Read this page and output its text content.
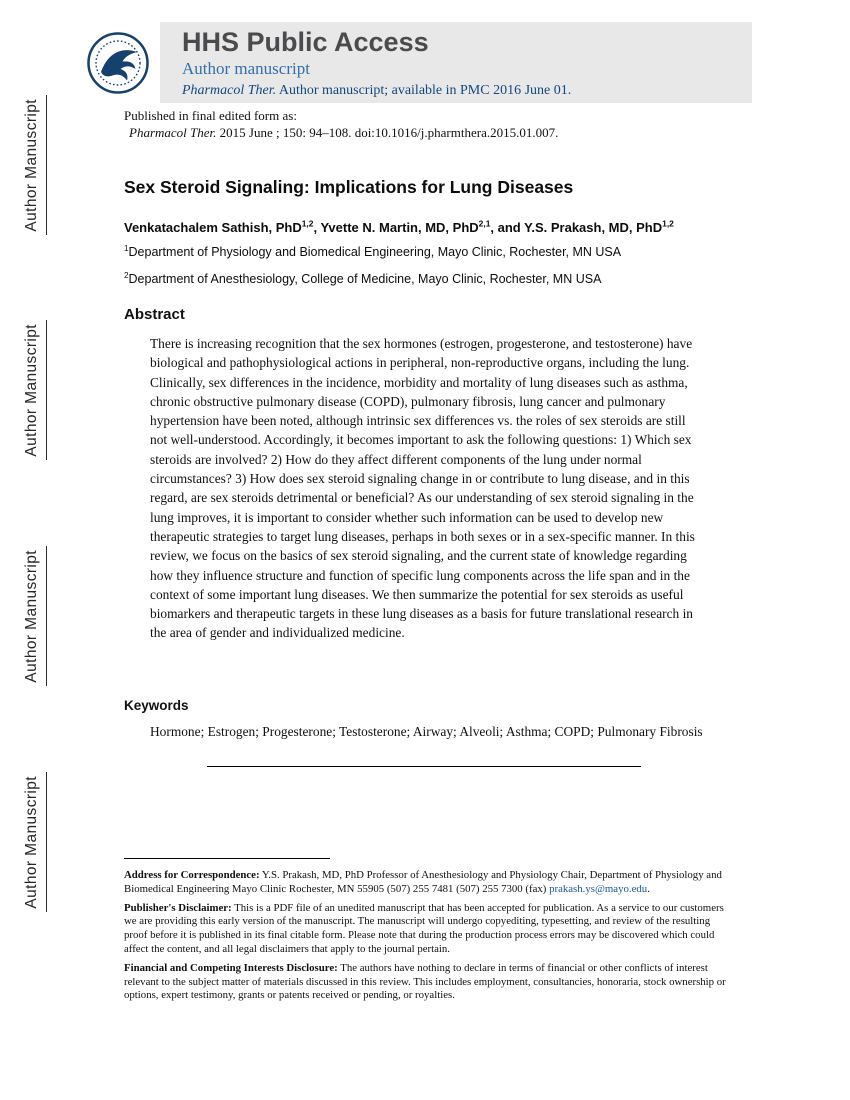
Author Manuscript
Author Manuscript
Author Manuscript
Author Manuscript
HHS Public Access
Author manuscript
Pharmacol Ther. Author manuscript; available in PMC 2016 June 01.
Published in final edited form as:
Pharmacol Ther. 2015 June ; 150: 94–108. doi:10.1016/j.pharmthera.2015.01.007.
Sex Steroid Signaling: Implications for Lung Diseases

Venkatachalem Sathish, PhD$^{1,2}$, Yvette N. Martin, MD, PhD$^{2,1}$, and Y.S. Prakash, MD, PhD$^{1,2}$

$^1$Department of Physiology and Biomedical Engineering, Mayo Clinic, Rochester, MN USA

$^2$Department of Anesthesiology, College of Medicine, Mayo Clinic, Rochester, MN USA

Abstract

There is increasing recognition that the sex hormones (estrogen, progesterone, and testosterone) have biological and pathophysiological actions in peripheral, non-reproductive organs, including the lung. Clinically, sex differences in the incidence, morbidity and mortality of lung diseases such as asthma, chronic obstructive pulmonary disease (COPD), pulmonary fibrosis, lung cancer and pulmonary hypertension have been noted, although intrinsic sex differences vs. the roles of sex steroids are still not well-understood. Accordingly, it becomes important to ask the following questions: 1) Which sex steroids are involved? 2) How do they affect different components of the lung under normal circumstances? 3) How does sex steroid signaling change in or contribute to lung disease, and in this regard, are sex steroids detrimental or beneficial? As our understanding of sex steroid signaling in the lung improves, it is important to consider whether such information can be used to develop new therapeutic strategies to target lung diseases, perhaps in both sexes or in a sex-specific manner. In this review, we focus on the basics of sex steroid signaling, and the current state of knowledge regarding how they influence structure and function of specific lung components across the life span and in the context of some important lung diseases. We then summarize the potential for sex steroids as useful biomarkers and therapeutic targets in these lung diseases as a basis for future translational research in the area of gender and individualized medicine.

Keywords

Hormone; Estrogen; Progesterone; Testosterone; Airway; Alveoli; Asthma; COPD; Pulmonary Fibrosis

Address for Correspondence: Y.S. Prakash, MD, PhD Professor of Anesthesiology and Physiology Chair, Department of Physiology and Biomedical Engineering Mayo Clinic Rochester, MN 55905 (507) 255 7481 (507) 255 7300 (fax) prakash.ys@mayo.edu.

Publisher's Disclaimer: This is a PDF file of an unedited manuscript that has been accepted for publication. As a service to our customers we are providing this early version of the manuscript. The manuscript will undergo copyediting, typesetting, and review of the resulting proof before it is published in its final citable form. Please note that during the production process errors may be discovered which could affect the content, and all legal disclaimers that apply to the journal pertain.

Financial and Competing Interests Disclosure: The authors have nothing to declare in terms of financial or other conflicts of interest relevant to the subject matter of materials discussed in this review. This includes employment, consultancies, honoraria, stock ownership or options, expert testimony, grants or patents received or pending, or royalties.
